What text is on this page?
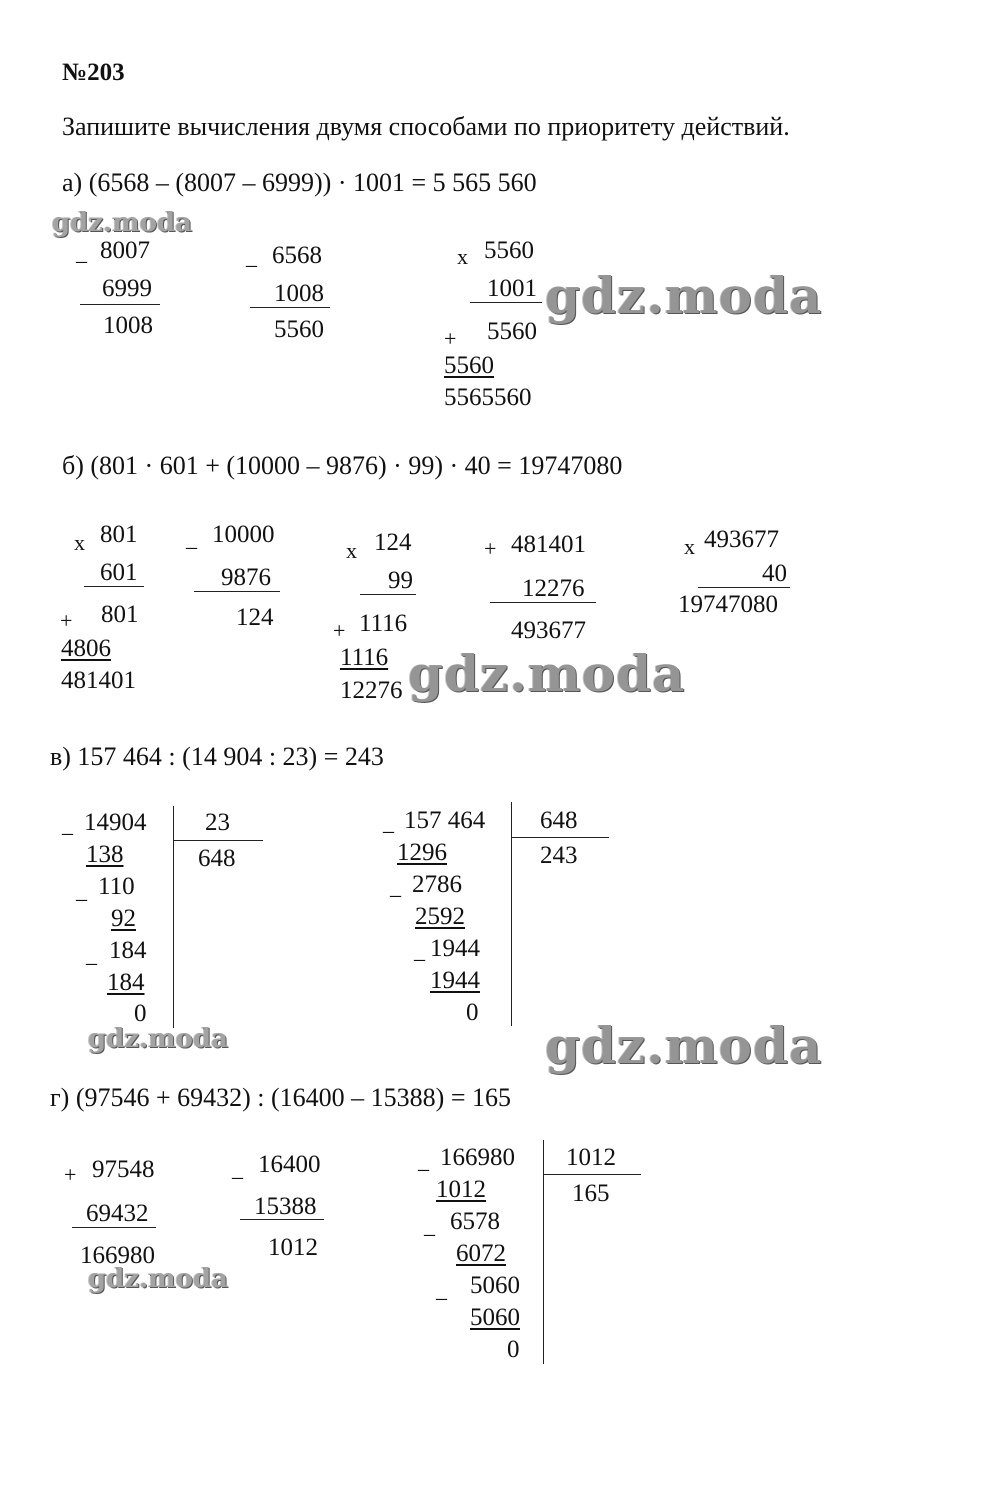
№203
Запишите вычисления двумя способами по приоритету действий.
а) (6568 – (8007 – 6999)) · 1001 = 5 565 560
gdz.moda
_ 8007
6999
1008
_ 6568
1008
5560
x 5560
1001
+ 5560
5560
5565560
gdz.moda
б) (801 · 601 + (10000 – 9876) · 99) · 40 = 19747080
x 801
601
+ 801
4806
481401
_ 10000
9876
124
x 124
99
+ 1116
1116
12276
+ 481401
12276
493677
x 493677
40
19747080
gdz.moda
в) 157 464 : (14 904 : 23) = 243
_ 14904 23
648
138
_ 110
92
_ 184
184
0
_ 157 464 648
243
1296
_ 2786
2592
_ 1944
1944
0
gdz.moda	gdz.moda
г) (97546 + 69432) : (16400 – 15388) = 165
+ 97548
69432
166980
_ 16400
15388
1012
_ 166980 1012
165
1012
_ 6578
6072
_ 5060
5060
0
gdz.moda
